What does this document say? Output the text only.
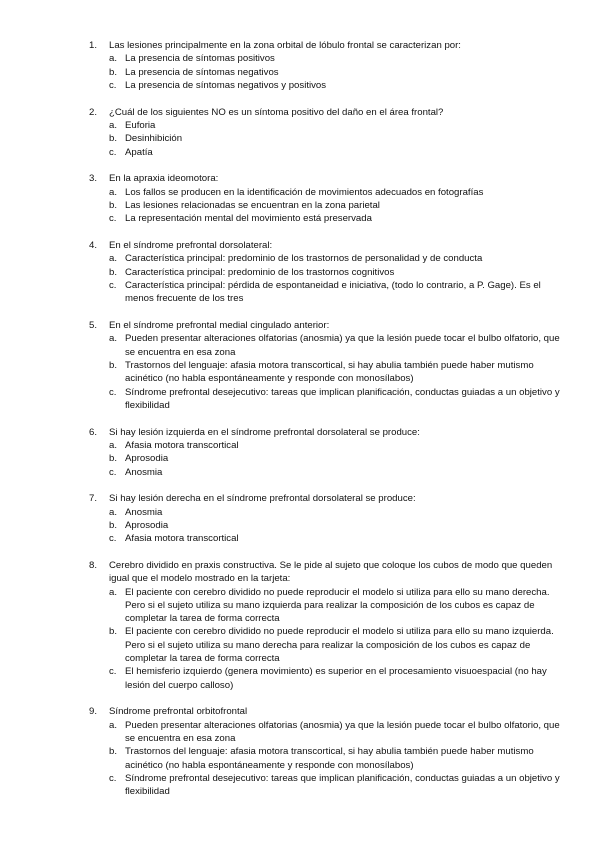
1.	Las lesiones principalmente en la zona orbital de lóbulo frontal se caracterizan por:
a. La presencia de síntomas positivos
b. La presencia de síntomas negativos
c. La presencia de síntomas negativos y positivos
2.	¿Cuál de los siguientes NO es un síntoma positivo del daño en el área frontal?
a. Euforia
b. Desinhibición
c. Apatía
3.	En la apraxia ideomotora:
a. Los fallos se producen en la identificación de movimientos adecuados en fotografías
b. Las lesiones relacionadas se encuentran en la zona parietal
c. La representación mental del movimiento está preservada
4.	En el síndrome prefrontal dorsolateral:
a. Característica principal: predominio de los trastornos de personalidad y de conducta
b. Característica principal: predominio de los trastornos cognitivos
c. Característica principal: pérdida de espontaneidad e iniciativa, (todo lo contrario, a P. Gage). Es el menos frecuente de los tres
5.	En el síndrome prefrontal medial cingulado anterior:
a. Pueden presentar alteraciones olfatorias (anosmia) ya que la lesión puede tocar el bulbo olfatorio, que se encuentra en esa zona
b. Trastornos del lenguaje: afasia motora transcortical, si hay abulia también puede haber mutismo acinético (no habla espontáneamente y responde con monosílabos)
c. Síndrome prefrontal desejecutivo: tareas que implican planificación, conductas guiadas a un objetivo y flexibilidad
6.	Si hay lesión izquierda en el síndrome prefrontal dorsolateral se produce:
a. Afasia motora transcortical
b. Aprosodia
c. Anosmia
7.	Si hay lesión derecha en el síndrome prefrontal dorsolateral se produce:
a. Anosmia
b. Aprosodia
c. Afasia motora transcortical
8.	Cerebro dividido en praxis constructiva. Se le pide al sujeto que coloque los cubos de modo que queden igual que el modelo mostrado en la tarjeta:
a. El paciente con cerebro dividido no puede reproducir el modelo si utiliza para ello su mano derecha. Pero si el sujeto utiliza su mano izquierda para realizar la composición de los cubos es capaz de completar la tarea de forma correcta
b. El paciente con cerebro dividido no puede reproducir el modelo si utiliza para ello su mano izquierda. Pero si el sujeto utiliza su mano derecha para realizar la composición de los cubos es capaz de completar la tarea de forma correcta
c. El hemisferio izquierdo (genera movimiento) es superior en el procesamiento visuoespacial (no hay lesión del cuerpo calloso)
9.	Síndrome prefrontal orbitofrontal
a. Pueden presentar alteraciones olfatorias (anosmia) ya que la lesión puede tocar el bulbo olfatorio, que se encuentra en esa zona
b. Trastornos del lenguaje: afasia motora transcortical, si hay abulia también puede haber mutismo acinético (no habla espontáneamente y responde con monosílabos)
c. Síndrome prefrontal desejecutivo: tareas que implican planificación, conductas guiadas a un objetivo y flexibilidad
